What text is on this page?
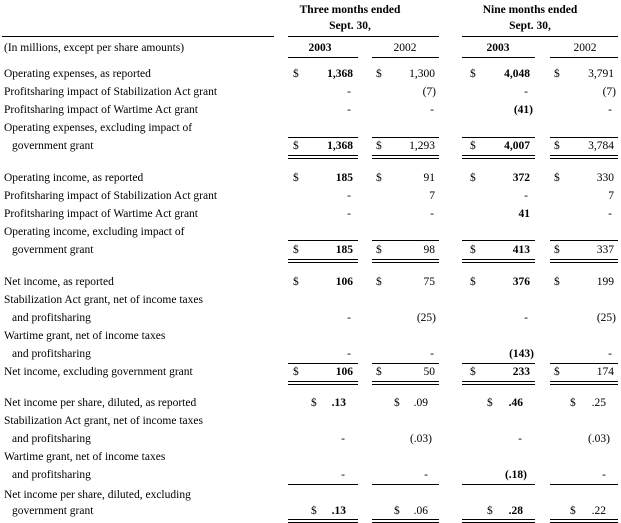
Three months ended
Sept. 30,
Nine months ended
Sept. 30,
(In millions, except per share amounts)	2003	2002	2003	2002
Operating expenses, as reported	$	1,368 $	1,300	$	4,048 $	3,791
Profitsharing impact of Stabilization Act grant	-	(7)	-	(7)
Profitsharing impact of Wartime Act grant	-	-	(41)	-
Operating expenses, excluding impact of
government grant	$	1,368 $	1,293	$	4,007 $	3,784
Operating income, as reported	$	185 $	91	$	372 $	330
Profitsharing impact of Stabilization Act grant	-	7	-	7
Profitsharing impact of Wartime Act grant	-	-	41	-
Operating income, excluding impact of
government grant	$	185 $	98	$	413 $	337
Net income, as reported	$	106 $	75	$	376 $	199
Stabilization Act grant, net of income taxes
and profitsharing	-	(25)	-	(25)
Wartime grant, net of income taxes
and profitsharing	-	-	(143)	-
Net income, excluding government grant	$	106 $	50	$	233 $	174
Net income per share, diluted, as reported	$	.13	$	.09	$	.46	$	.25
Stabilization Act grant, net of income taxes
and profitsharing	-	(.03)	-	(.03)
Wartime grant, net of income taxes
and profitsharing	-	-	(.18)	-
Net income per share, diluted, excluding
government grant	$	.13	$	.06	$	.28	$	.22
